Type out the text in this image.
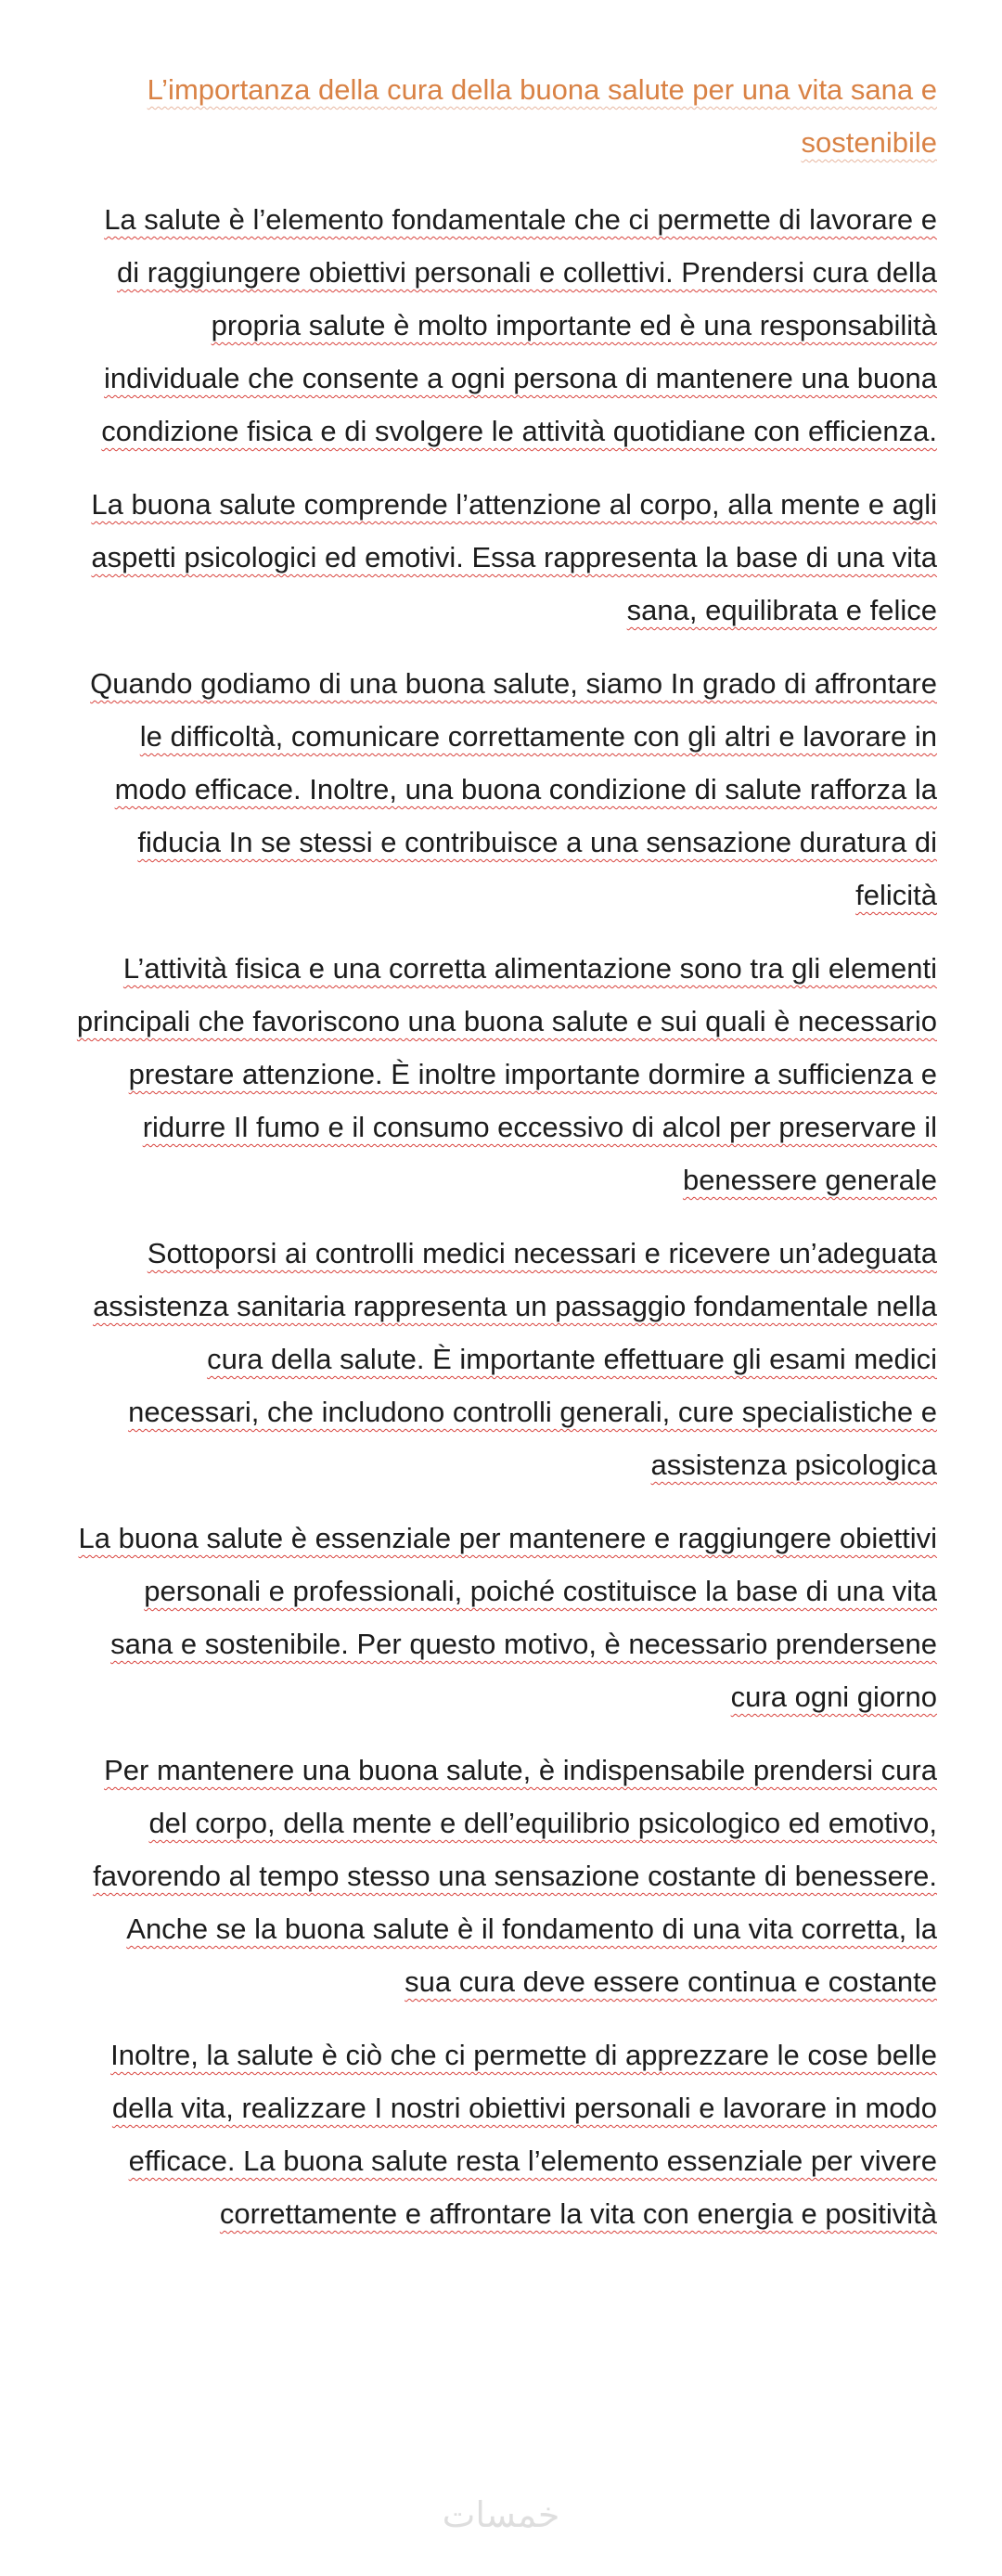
L’importanza della cura della buona salute per una vita sana e sostenibile

La salute è l’elemento fondamentale che ci permette di lavorare e di raggiungere obiettivi personali e collettivi. Prendersi cura della propria salute è molto importante ed è una responsabilità individuale che consente a ogni persona di mantenere una buona condizione fisica e di svolgere le attività quotidiane con efficienza.

La buona salute comprende l’attenzione al corpo, alla mente e agli aspetti psicologici ed emotivi. Essa rappresenta la base di una vita sana, equilibrata e felice

Quando godiamo di una buona salute, siamo In grado di affrontare le difficoltà, comunicare correttamente con gli altri e lavorare in modo efficace. Inoltre, una buona condizione di salute rafforza la fiducia In se stessi e contribuisce a una sensazione duratura di felicità

L’attività fisica e una corretta alimentazione sono tra gli elementi principali che favoriscono una buona salute e sui quali è necessario prestare attenzione. È inoltre importante dormire a sufficienza e ridurre Il fumo e il consumo eccessivo di alcol per preservare il benessere generale

Sottoporsi ai controlli medici necessari e ricevere un’adeguata assistenza sanitaria rappresenta un passaggio fondamentale nella cura della salute. È importante effettuare gli esami medici necessari, che includono controlli generali, cure specialistiche e assistenza psicologica

La buona salute è essenziale per mantenere e raggiungere obiettivi personali e professionali, poiché costituisce la base di una vita sana e sostenibile. Per questo motivo, è necessario prendersene cura ogni giorno

Per mantenere una buona salute, è indispensabile prendersi cura del corpo, della mente e dell’equilibrio psicologico ed emotivo, favorendo al tempo stesso una sensazione costante di benessere. Anche se la buona salute è il fondamento di una vita corretta, la sua cura deve essere continua e costante

Inoltre, la salute è ciò che ci permette di apprezzare le cose belle della vita, realizzare I nostri obiettivi personali e lavorare in modo efficace. La buona salute resta l’elemento essenziale per vivere correttamente e affrontare la vita con energia e positività

خمسات
